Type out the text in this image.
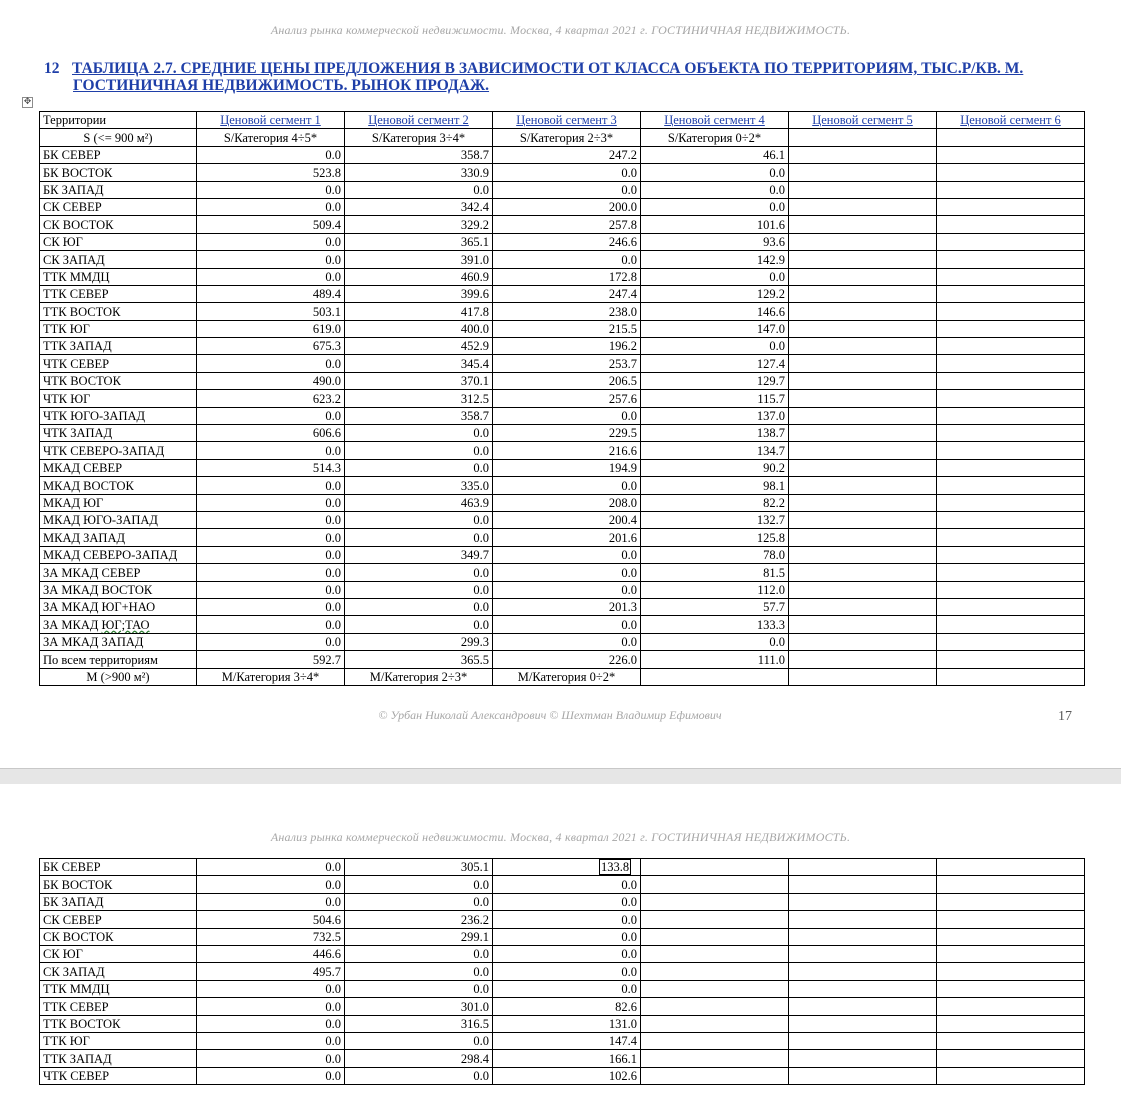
Анализ рынка коммерческой недвижимости. Москва, 4 квартал 2021 г. ГОСТИНИЧНАЯ НЕДВИЖИМОСТЬ.
12 ТАБЛИЦА 2.7. СРЕДНИЕ ЦЕНЫ ПРЕДЛОЖЕНИЯ В ЗАВИСИМОСТИ ОТ КЛАССА ОБЪЕКТА ПО ТЕРРИТОРИЯМ, ТЫС.Р/КВ. М.
ГОСТИНИЧНАЯ НЕДВИЖИМОСТЬ. РЫНОК ПРОДАЖ.
✥
© Урбан Николай Александрович © Шехтман Владимир Ефимович	17
Анализ рынка коммерческой недвижимости. Москва, 4 квартал 2021 г. ГОСТИНИЧНАЯ НЕДВИЖИМОСТЬ.
Территории	Ценовой сегмент 1	Ценовой сегмент 2	Ценовой сегмент 3	Ценовой сегмент 4	Ценовой сегмент 5	Ценовой сегмент 6
S (<= 900 м²)	S/Категория 4÷5*	S/Категория 3÷4*	S/Категория 2÷3*	S/Категория 0÷2*		
БК СЕВЕР	0.0	358.7	247.2	46.1		
БК ВОСТОК	523.8	330.9	0.0	0.0		
БК ЗАПАД	0.0	0.0	0.0	0.0		
СК СЕВЕР	0.0	342.4	200.0	0.0		
СК ВОСТОК	509.4	329.2	257.8	101.6		
СК ЮГ	0.0	365.1	246.6	93.6		
СК ЗАПАД	0.0	391.0	0.0	142.9		
ТТК ММДЦ	0.0	460.9	172.8	0.0		
ТТК СЕВЕР	489.4	399.6	247.4	129.2		
ТТК ВОСТОК	503.1	417.8	238.0	146.6		
ТТК ЮГ	619.0	400.0	215.5	147.0		
ТТК ЗАПАД	675.3	452.9	196.2	0.0		
ЧТК СЕВЕР	0.0	345.4	253.7	127.4		
ЧТК ВОСТОК	490.0	370.1	206.5	129.7		
ЧТК ЮГ	623.2	312.5	257.6	115.7		
ЧТК ЮГО-ЗАПАД	0.0	358.7	0.0	137.0		
ЧТК ЗАПАД	606.6	0.0	229.5	138.7		
ЧТК СЕВЕРО-ЗАПАД	0.0	0.0	216.6	134.7		
МКАД СЕВЕР	514.3	0.0	194.9	90.2		
МКАД ВОСТОК	0.0	335.0	0.0	98.1		
МКАД ЮГ	0.0	463.9	208.0	82.2		
МКАД ЮГО-ЗАПАД	0.0	0.0	200.4	132.7		
МКАД ЗАПАД	0.0	0.0	201.6	125.8		
МКАД СЕВЕРО-ЗАПАД	0.0	349.7	0.0	78.0		
ЗА МКАД СЕВЕР	0.0	0.0	0.0	81.5		
ЗА МКАД ВОСТОК	0.0	0.0	0.0	112.0		
ЗА МКАД ЮГ+НАО	0.0	0.0	201.3	57.7		
ЗА МКАД ЮГ;ТАО	0.0	0.0	0.0	133.3		
ЗА МКАД ЗАПАД	0.0	299.3	0.0	0.0		
По всем территориям	592.7	365.5	226.0	111.0		
М (>900 м²)	М/Категория 3÷4*	М/Категория 2÷3*	М/Категория 0÷2*			
БК СЕВЕР	0.0	305.1	133.8			
БК ВОСТОК	0.0	0.0	0.0			
БК ЗАПАД	0.0	0.0	0.0			
СК СЕВЕР	504.6	236.2	0.0			
СК ВОСТОК	732.5	299.1	0.0			
СК ЮГ	446.6	0.0	0.0			
СК ЗАПАД	495.7	0.0	0.0			
ТТК ММДЦ	0.0	0.0	0.0			
ТТК СЕВЕР	0.0	301.0	82.6			
ТТК ВОСТОК	0.0	316.5	131.0			
ТТК ЮГ	0.0	0.0	147.4			
ТТК ЗАПАД	0.0	298.4	166.1			
ЧТК СЕВЕР	0.0	0.0	102.6			
